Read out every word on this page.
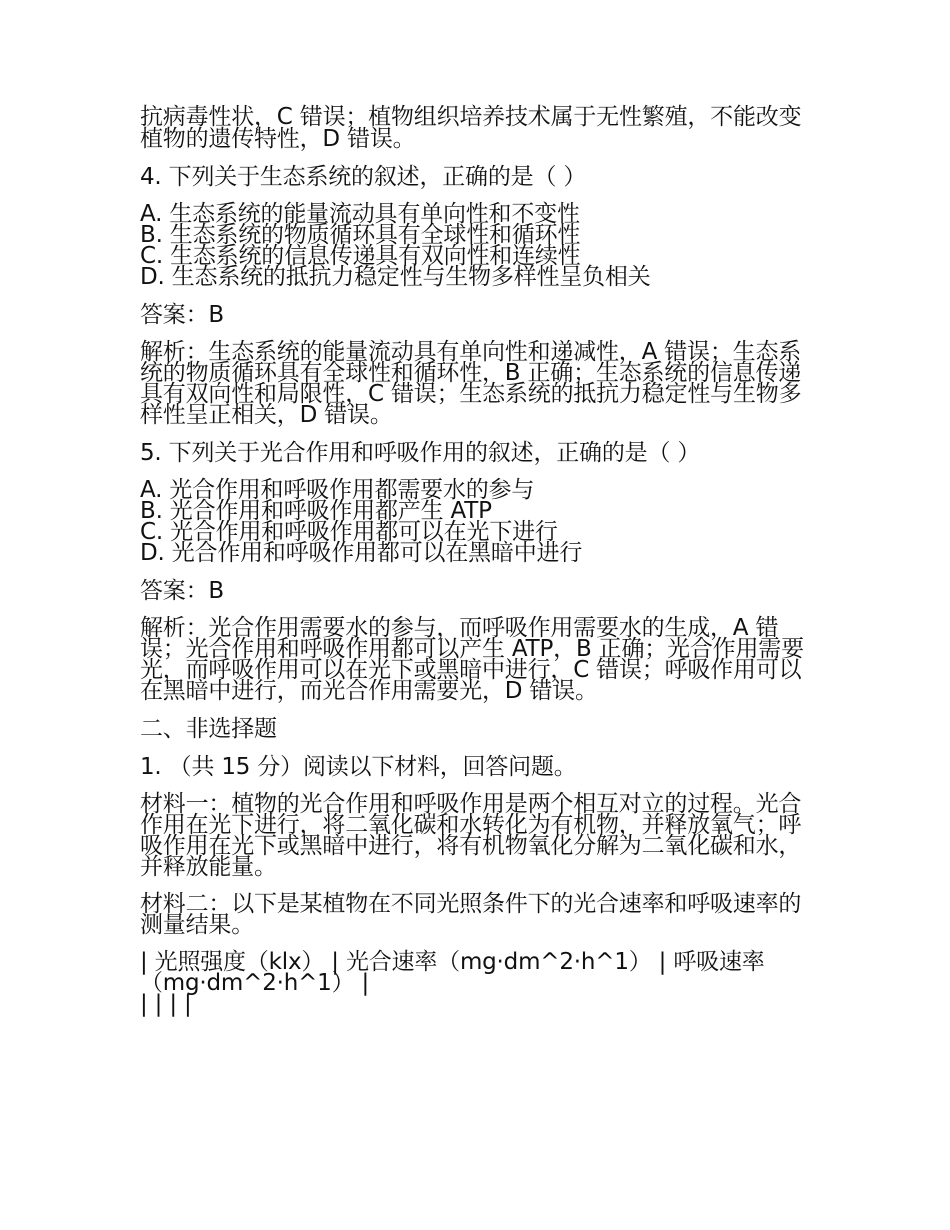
抗病毒性状，C 错误；植物组织培养技术属于无性繁殖，不能改变植物的遗传特性，D 错误。

4. 下列关于生态系统的叙述，正确的是（ ）

A. 生态系统的能量流动具有单向性和不变性
B. 生态系统的物质循环具有全球性和循环性
C. 生态系统的信息传递具有双向性和连续性
D. 生态系统的抵抗力稳定性与生物多样性呈负相关

答案：B

解析：生态系统的能量流动具有单向性和递减性，A 错误；生态系统的物质循环具有全球性和循环性，B 正确；生态系统的信息传递具有双向性和局限性，C 错误；生态系统的抵抗力稳定性与生物多样性呈正相关，D 错误。

5. 下列关于光合作用和呼吸作用的叙述，正确的是（ ）

A. 光合作用和呼吸作用都需要水的参与
B. 光合作用和呼吸作用都产生 ATP
C. 光合作用和呼吸作用都可以在光下进行
D. 光合作用和呼吸作用都可以在黑暗中进行

答案：B

解析：光合作用需要水的参与，而呼吸作用需要水的生成，A 错误；光合作用和呼吸作用都可以产生 ATP，B 正确；光合作用需要光，而呼吸作用可以在光下或黑暗中进行，C 错误；呼吸作用可以在黑暗中进行，而光合作用需要光，D 错误。

二、非选择题

1. （共 15 分）阅读以下材料，回答问题。

材料一：植物的光合作用和呼吸作用是两个相互对立的过程。光合作用在光下进行，将二氧化碳和水转化为有机物，并释放氧气；呼吸作用在光下或黑暗中进行，将有机物氧化分解为二氧化碳和水，并释放能量。

材料二：以下是某植物在不同光照条件下的光合速率和呼吸速率的测量结果。

| 光照强度（klx） | 光合速率（mg·dm^2·h^1） | 呼吸速率（mg·dm^2·h^1） |
| | | |
